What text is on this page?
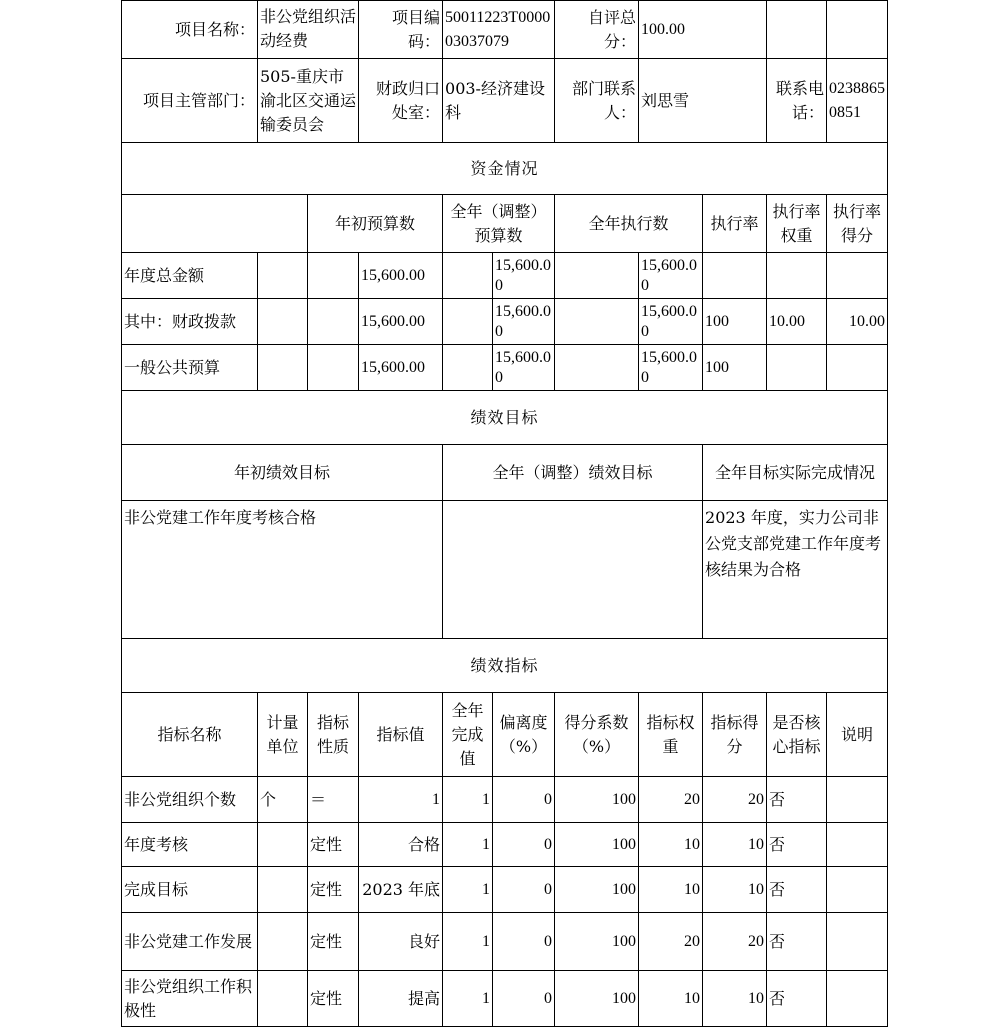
项目名称：	非公党组织活动经费		项目编码：	50011223T000003037079		自评总分：	100.00			
项目主管部门：	505-重庆市渝北区交通运输委员会		财政归口处室：	003-经济建设科		部门联系人：	刘思雪		联系电话：	02388650851
资金情况										
		年初预算数		全年（调整）预算数		全年执行数		执行率	执行率权重	执行率得分
年度总金额			15,600.00		15,600.00		15,600.00			
其中：财政拨款			15,600.00		15,600.00		15,600.00	100	10.00	10.00
一般公共预算			15,600.00		15,600.00		15,600.00	100		
绩效目标										
年初绩效目标				全年（调整）绩效目标				全年目标实际完成情况		
非公党建工作年度考核合格								2023 年度，实力公司非公党支部党建工作年度考核结果为合格		
绩效指标										
指标名称	计量单位	指标性质	指标值	全年完成值	偏离度（%）	得分系数（%）	指标权重	指标得分	是否核心指标	说明
非公党组织个数	个	＝	1	1	0	100	20	20	否	
年度考核		定性	合格	1	0	100	10	10	否	
完成目标		定性	2023 年底	1	0	100	10	10	否	
非公党建工作发展		定性	良好	1	0	100	20	20	否	
非公党组织工作积极性		定性	提高	1	0	100	10	10	否	
